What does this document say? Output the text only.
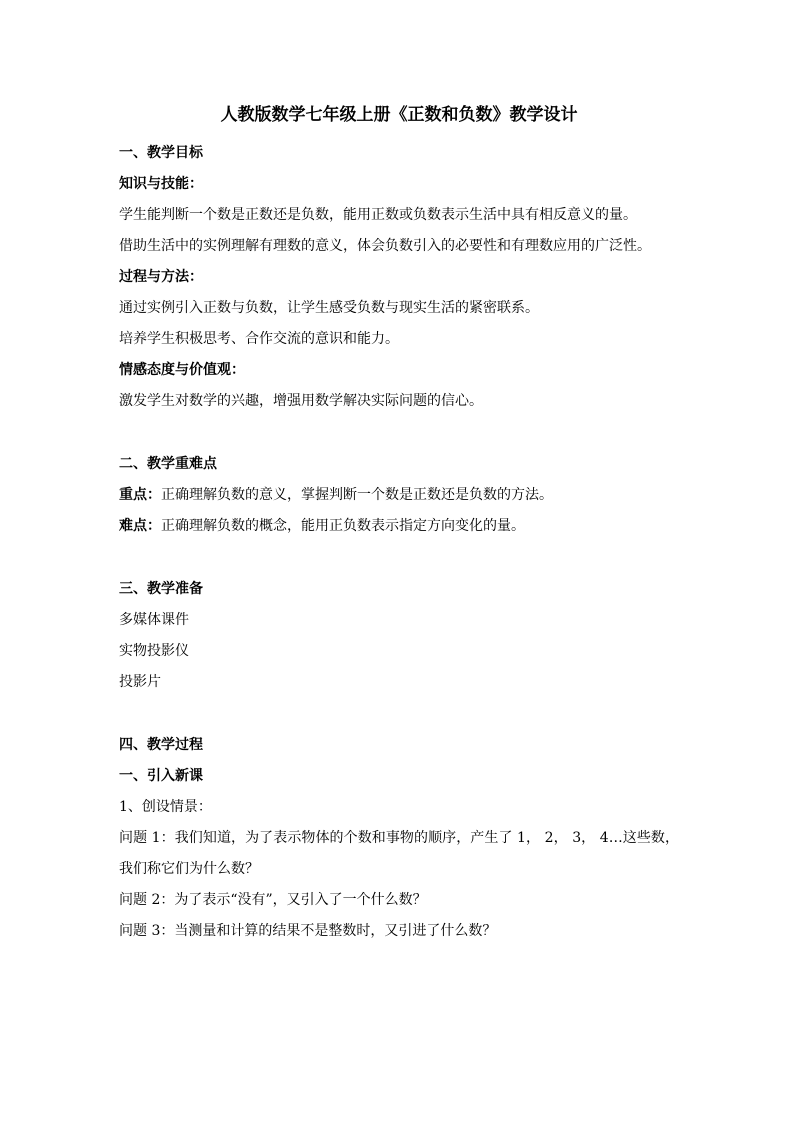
人教版数学七年级上册《正数和负数》教学设计
一、教学目标
知识与技能：
学生能判断一个数是正数还是负数，能用正数或负数表示生活中具有相反意义的量。
借助生活中的实例理解有理数的意义，体会负数引入的必要性和有理数应用的广泛性。
过程与方法：
通过实例引入正数与负数，让学生感受负数与现实生活的紧密联系。
培养学生积极思考、合作交流的意识和能力。
情感态度与价值观：
激发学生对数学的兴趣，增强用数学解决实际问题的信心。
二、教学重难点
重点：正确理解负数的意义，掌握判断一个数是正数还是负数的方法。
难点：正确理解负数的概念，能用正负数表示指定方向变化的量。
三、教学准备
多媒体课件
实物投影仪
投影片
四、教学过程
一、引入新课
1、创设情景：
问题 1：我们知道，为了表示物体的个数和事物的顺序，产生了 1， 2， 3， 4…这些数，我们称它们为什么数？
问题 2：为了表示“没有”，又引入了一个什么数？
问题 3：当测量和计算的结果不是整数时，又引进了什么数？
